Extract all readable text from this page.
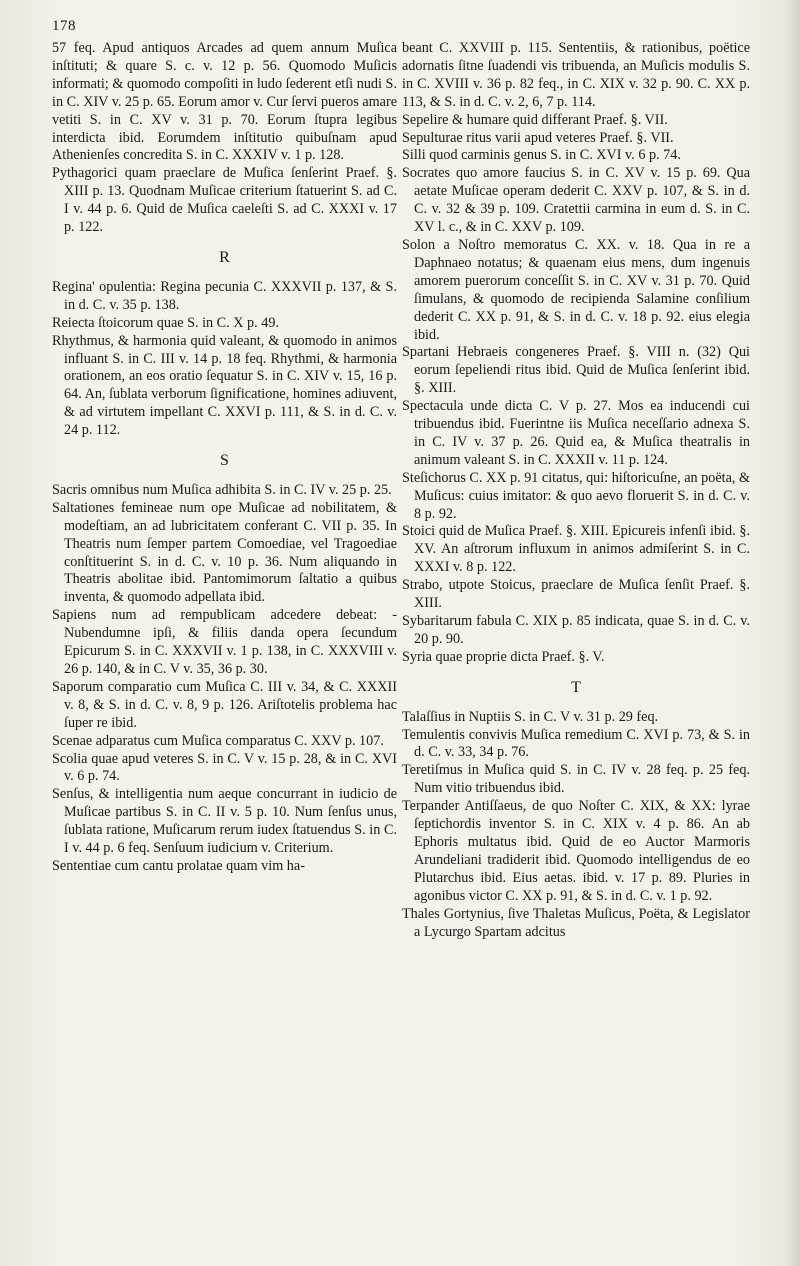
178

57 feq. Apud antiquos Arcades ad quem annum Muſica inſtituti; & quare S. c. v. 12 p. 56. Quomodo Muſicis informati; & quomodo compoſiti in ludo ſederent etſi nudi S. in C. XIV v. 25 p. 65. Eorum amor v. Cur ſervi pueros amare vetiti S. in C. XV v. 31 p. 70. Eorum ſtupra legibus interdicta ibid. Eorumdem inſtitutio quibuſnam apud Athenienſes concredita S. in C. XXXIV v. 1 p. 128.

Pythagorici quam praeclare de Muſica ſenſerint Praef. §. XIII p. 13. Quodnam Muſicae criterium ſtatuerint S. ad C. I v. 44 p. 6. Quid de Muſica caeleſti S. ad C. XXXI v. 17 p. 122.

R

Regina' opulentia: Regina pecunia C. XXXVII p. 137, & S. in d. C. v. 35 p. 138.

Reiecta ſtoicorum quae S. in C. X p. 49.

Rhythmus, & harmonia quid valeant, & quomodo in animos influant S. in C. III v. 14 p. 18 feq. Rhythmi, & harmonia orationem, an eos oratio ſequatur S. in C. XIV v. 15, 16 p. 64. An, ſublata verborum ſignificatione, homines adiuvent, & ad virtutem impellant C. XXVI p. 111, & S. in d. C. v. 24 p. 112.

S

Sacris omnibus num Muſica adhibita S. in C. IV v. 25 p. 25.

Saltationes femineae num ope Muſicae ad nobilitatem, & modeſtiam, an ad lubricitatem conferant C. VII p. 35. In Theatris num ſemper partem Comoediae, vel Tragoediae conſtituerint S. in d. C. v. 10 p. 36. Num aliquando in Theatris abolitae ibid. Pantomimorum ſaltatio a quibus inventa, & quomodo adpellata ibid.

Sapiens num ad rempublicam adcedere debeat: - Nubendumne ipſi, & filiis danda opera ſecundum Epicurum S. in C. XXXVII v. 1 p. 138, in C. XXXVIII v. 26 p. 140, & in C. V v. 35, 36 p. 30.

Saporum comparatio cum Muſica C. III v. 34, & C. XXXII v. 8, & S. in d. C. v. 8, 9 p. 126. Ariſtotelis problema hac ſuper re ibid.

Scenae adparatus cum Muſica comparatus C. XXV p. 107.

Scolia quae apud veteres S. in C. V v. 15 p. 28, & in C. XVI v. 6 p. 74.

Senſus, & intelligentia num aeque concurrant in iudicio de Muſicae partibus S. in C. II v. 5 p. 10. Num ſenſus unus, ſublata ratione, Muſicarum rerum iudex ſtatuendus S. in C. I v. 44 p. 6 feq. Senſuum iudicium v. Criterium.

Sententiae cum cantu prolatae quam vim ha-

beant C. XXVIII p. 115. Sententiis, & rationibus, poëtice adornatis ſitne ſuadendi vis tribuenda, an Muſicis modulis S. in C. XVIII v. 36 p. 82 feq., in C. XIX v. 32 p. 90. C. XX p. 113, & S. in d. C. v. 2, 6, 7 p. 114.

Sepelire & humare quid differant Praef. §. VII.

Sepulturae ritus varii apud veteres Praef. §. VII.

Silli quod carminis genus S. in C. XVI v. 6 p. 74.

Socrates quo amore faucius S. in C. XV v. 15 p. 69. Qua aetate Muſicae operam dederit C. XXV p. 107, & S. in d. C. v. 32 & 39 p. 109. Cratettii carmina in eum d. S. in C. XV l. c., & in C. XXV p. 109.

Solon a Noſtro memoratus C. XX. v. 18. Qua in re a Daphnaeo notatus; & quaenam eius mens, dum ingenuis amorem puerorum conceſſit S. in C. XV v. 31 p. 70. Quid ſimulans, & quomodo de recipienda Salamine conſilium dederit C. XX p. 91, & S. in d. C. v. 18 p. 92. eius elegia ibid.

Spartani Hebraeis congeneres Praef. §. VIII n. (32) Qui eorum ſepeliendi ritus ibid. Quid de Muſica ſenſerint ibid. §. XIII.

Spectacula unde dicta C. V p. 27. Mos ea inducendi cui tribuendus ibid. Fuerintne iis Muſica neceſſario adnexa S. in C. IV v. 37 p. 26. Quid ea, & Muſica theatralis in animum valeant S. in C. XXXII v. 11 p. 124.

Steſichorus C. XX p. 91 citatus, qui: hiſtoricuſne, an poëta, & Muſicus: cuius imitator: & quo aevo floruerit S. in d. C. v. 8 p. 92.

Stoici quid de Muſica Praef. §. XIII. Epicureis infenſi ibid. §. XV. An aſtrorum influxum in animos admiſerint S. in C. XXXI v. 8 p. 122.

Strabo, utpote Stoicus, praeclare de Muſica ſenſit Praef. §. XIII.

Sybaritarum fabula C. XIX p. 85 indicata, quae S. in d. C. v. 20 p. 90.

Syria quae proprie dicta Praef. §. V.

T

Talaſſius in Nuptiis S. in C. V v. 31 p. 29 feq.

Temulentis convivis Muſica remedium C. XVI p. 73, & S. in d. C. v. 33, 34 p. 76.

Teretiſmus in Muſica quid S. in C. IV v. 28 feq. p. 25 feq. Num vitio tribuendus ibid.

Terpander Antiſſaeus, de quo Noſter C. XIX, & XX: lyrae ſeptichordis inventor S. in C. XIX v. 4 p. 86. An ab Ephoris multatus ibid. Quid de eo Auctor Marmoris Arundeliani tradiderit ibid. Quomodo intelligendus de eo Plutarchus ibid. Eius aetas. ibid. v. 17 p. 89. Pluries in agonibus victor C. XX p. 91, & S. in d. C. v. 1 p. 92.

Thales Gortynius, ſive Thaletas Muſicus, Poëta, & Legislator a Lycurgo Spartam adcitus
